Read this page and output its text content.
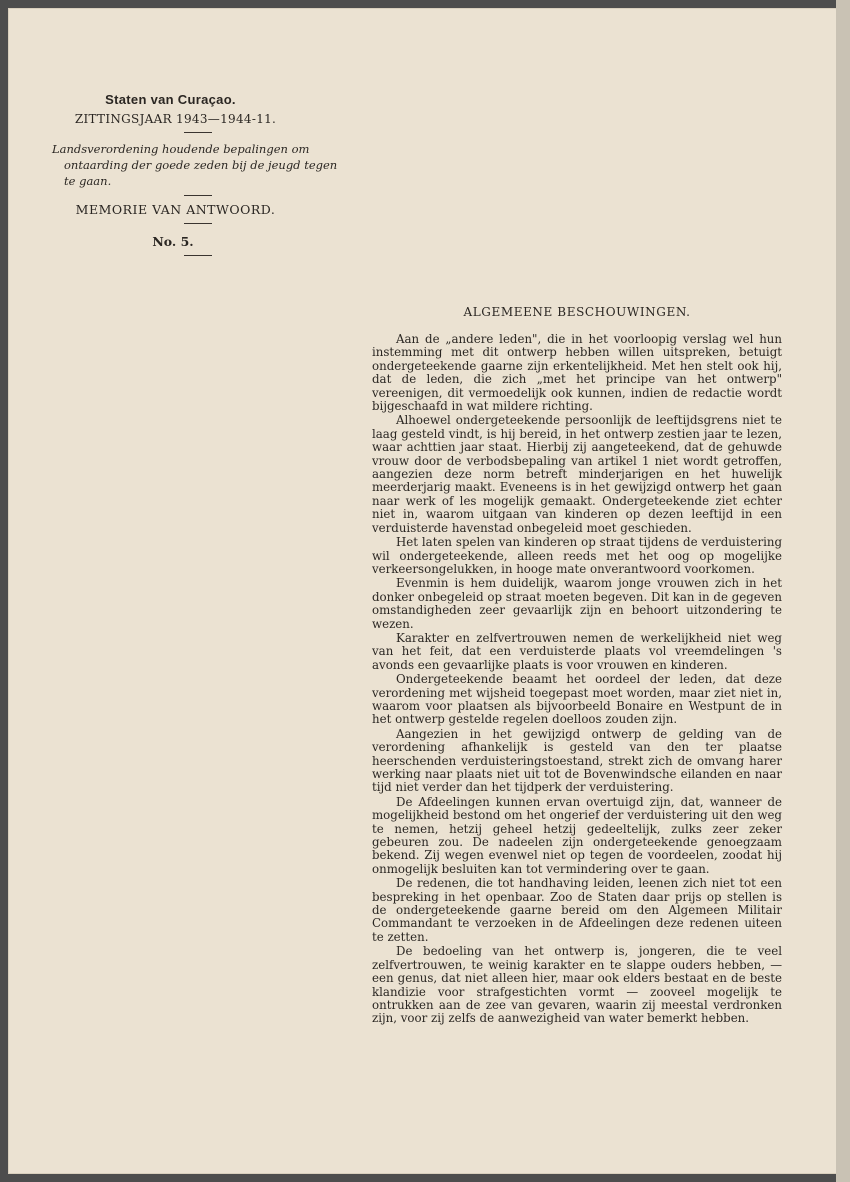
Staten van Curaçao.
ZITTINGSJAAR 1943—1944-11.
Landsverordening houdende bepalingen om ontaarding der goede zeden bij de jeugd tegen te gaan.
MEMORIE VAN ANTWOORD.
No. 5.
ALGEMEENE BESCHOUWINGEN.

Aan de „andere leden", die in het voorloopig verslag wel hun instemming met dit ontwerp hebben willen uitspreken, betuigt ondergeteekende gaarne zijn erkentelijkheid. Met hen stelt ook hij, dat de leden, die zich „met het principe van het ontwerp" vereenigen, dit vermoedelijk ook kunnen, indien de redactie wordt bijgeschaafd in wat mildere richting.

Alhoewel ondergeteekende persoonlijk de leeftijdsgrens niet te laag gesteld vindt, is hij bereid, in het ontwerp zestien jaar te lezen, waar achttien jaar staat. Hierbij zij aangeteekend, dat de gehuwde vrouw door de verbodsbepaling van artikel 1 niet wordt getroffen, aangezien deze norm betreft minderjarigen en het huwelijk meerderjarig maakt. Eveneens is in het gewijzigd ontwerp het gaan naar werk of les mogelijk gemaakt. Ondergeteekende ziet echter niet in, waarom uitgaan van kinderen op dezen leeftijd in een verduisterde havenstad onbegeleid moet geschieden.

Het laten spelen van kinderen op straat tijdens de verduistering wil ondergeteekende, alleen reeds met het oog op mogelijke verkeersongelukken, in hooge mate onverantwoord voorkomen.

Evenmin is hem duidelijk, waarom jonge vrouwen zich in het donker onbegeleid op straat moeten begeven. Dit kan in de gegeven omstandigheden zeer gevaarlijk zijn en behoort uitzondering te wezen.

Karakter en zelfvertrouwen nemen de werkelijkheid niet weg van het feit, dat een verduisterde plaats vol vreemdelingen 's avonds een gevaarlijke plaats is voor vrouwen en kinderen.

Ondergeteekende beaamt het oordeel der leden, dat deze verordening met wijsheid toegepast moet worden, maar ziet niet in, waarom voor plaatsen als bijvoorbeeld Bonaire en Westpunt de in het ontwerp gestelde regelen doelloos zouden zijn.

Aangezien in het gewijzigd ontwerp de gelding van de verordening afhankelijk is gesteld van den ter plaatse heerschenden verduisteringstoestand, strekt zich de omvang harer werking naar plaats niet uit tot de Bovenwindsche eilanden en naar tijd niet verder dan het tijdperk der verduistering.

De Afdeelingen kunnen ervan overtuigd zijn, dat, wanneer de mogelijkheid bestond om het ongerief der verduistering uit den weg te nemen, hetzij geheel hetzij gedeeltelijk, zulks zeer zeker gebeuren zou. De nadeelen zijn ondergeteekende genoegzaam bekend. Zij wegen evenwel niet op tegen de voordeelen, zoodat hij onmogelijk besluiten kan tot vermindering over te gaan.

De redenen, die tot handhaving leiden, leenen zich niet tot een bespreking in het openbaar. Zoo de Staten daar prijs op stellen is de ondergeteekende gaarne bereid om den Algemeen Militair Commandant te verzoeken in de Afdeelingen deze redenen uiteen te zetten.

De bedoeling van het ontwerp is, jongeren, die te veel zelfvertrouwen, te weinig karakter en te slappe ouders hebben, — een genus, dat niet alleen hier, maar ook elders bestaat en de beste klandizie voor strafgestichten vormt — zooveel mogelijk te ontrukken aan de zee van gevaren, waarin zij meestal verdronken zijn, voor zij zelfs de aanwezigheid van water bemerkt hebben.
